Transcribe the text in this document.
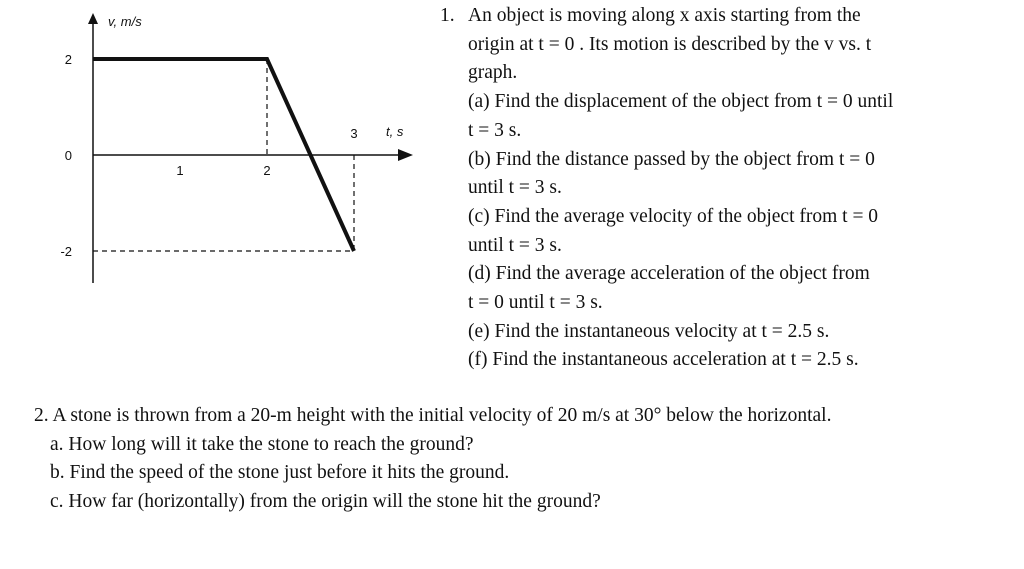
v, m/s
t, s
2
0
-2
1	2
3
1. An object is moving along x axis starting from the
origin at t = 0 . Its motion is described by the v vs. t
graph.
(a) Find the displacement of the object from t = 0 until
t = 3 s.
(b) Find the distance passed by the object from t = 0
until t = 3 s.
(c) Find the average velocity of the object from t = 0
until t = 3 s.
(d) Find the average acceleration of the object from
t = 0 until t = 3 s.
(e) Find the instantaneous velocity at t = 2.5 s.
(f) Find the instantaneous acceleration at t = 2.5 s.
2. A stone is thrown from a 20-m height with the initial velocity of 20 m/s at 30° below the horizontal.
a. How long will it take the stone to reach the ground?
b. Find the speed of the stone just before it hits the ground.
c. How far (horizontally) from the origin will the stone hit the ground?
